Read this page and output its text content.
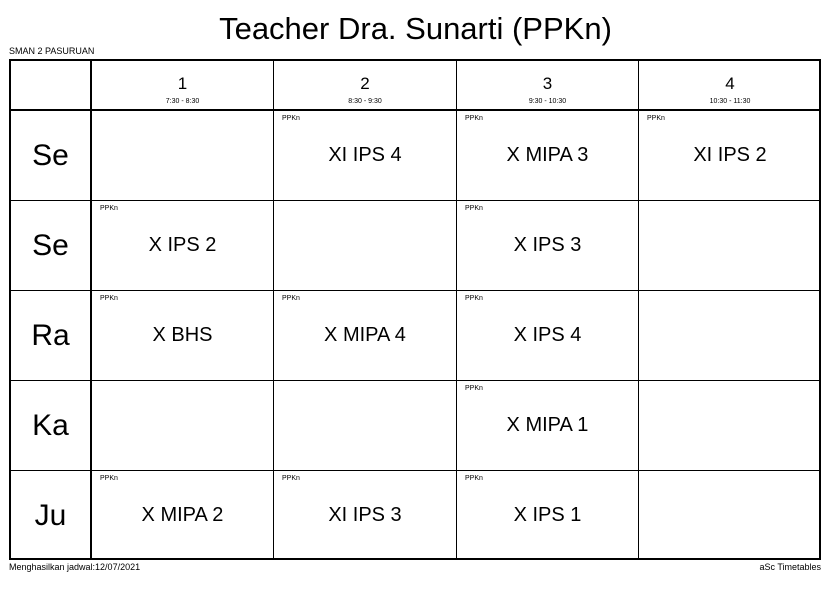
Teacher Dra. Sunarti (PPKn)
SMAN 2 PASURUAN
1
7:30 - 8:30
2
8:30 - 9:30
3
9:30 - 10:30
4
10:30 - 11:30
Se
PPKn
XI IPS 4
PPKn
X MIPA 3
PPKn
XI IPS 2
Se
PPKn
X IPS 2
PPKn
X IPS 3
Ra
PPKn
X BHS
PPKn
X MIPA 4
PPKn
X IPS 4
Ka
PPKn
X MIPA 1
Ju
PPKn
X MIPA 2
PPKn
XI IPS 3
PPKn
X IPS 1
Menghasilkan jadwal:12/07/2021	aSc Timetables
